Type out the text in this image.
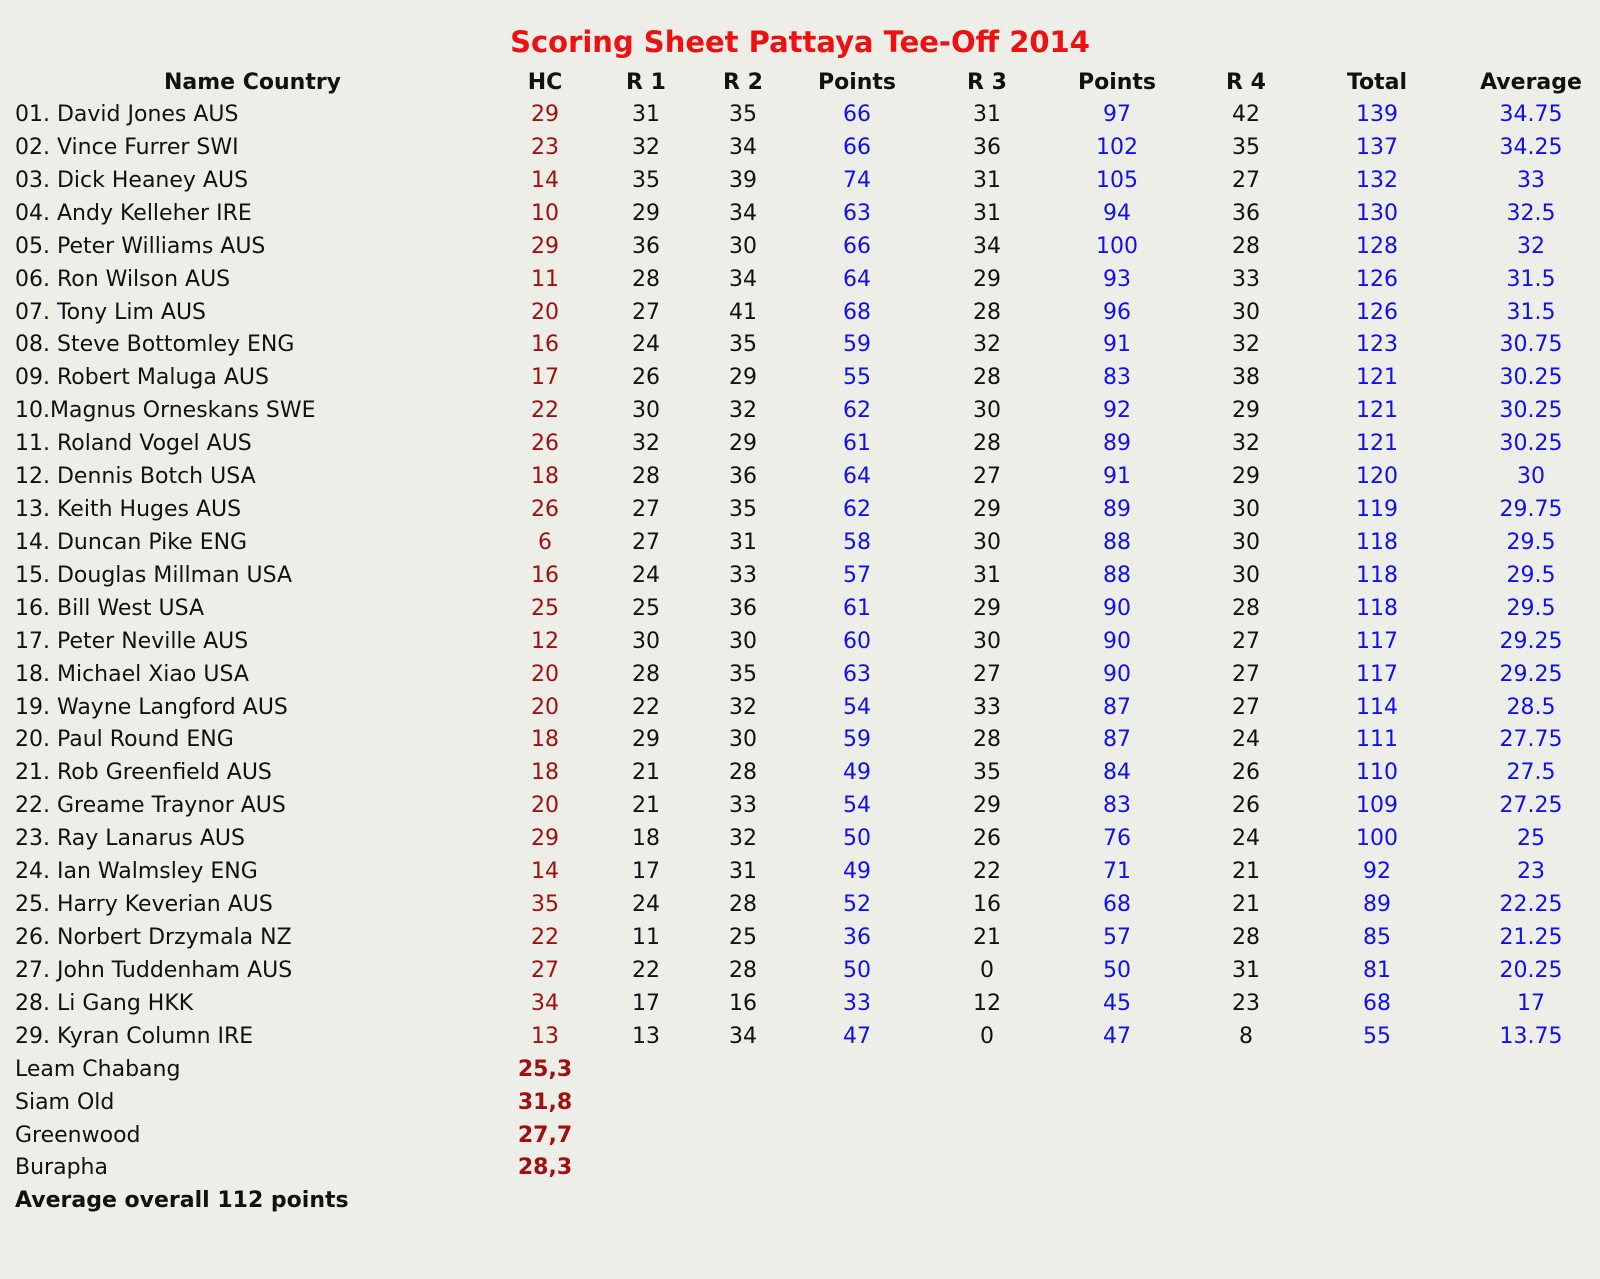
Scoring Sheet Pattaya Tee-Off 2014
Name Country	HC	R 1	R 2	Points	R 3	Points	R 4	Total	Average
01. David Jones AUS	29	31	35	66	31	97	42	139	34.75
02. Vince Furrer SWI	23	32	34	66	36	102	35	137	34.25
03. Dick Heaney AUS	14	35	39	74	31	105	27	132	33
04. Andy Kelleher IRE	10	29	34	63	31	94	36	130	32.5
05. Peter Williams AUS	29	36	30	66	34	100	28	128	32
06. Ron Wilson AUS	11	28	34	64	29	93	33	126	31.5
07. Tony Lim AUS	20	27	41	68	28	96	30	126	31.5
08. Steve Bottomley ENG	16	24	35	59	32	91	32	123	30.75
09. Robert Maluga AUS	17	26	29	55	28	83	38	121	30.25
10.Magnus Orneskans SWE	22	30	32	62	30	92	29	121	30.25
11. Roland Vogel AUS	26	32	29	61	28	89	32	121	30.25
12. Dennis Botch USA	18	28	36	64	27	91	29	120	30
13. Keith Huges AUS	26	27	35	62	29	89	30	119	29.75
14. Duncan Pike ENG	6	27	31	58	30	88	30	118	29.5
15. Douglas Millman USA	16	24	33	57	31	88	30	118	29.5
16. Bill West USA	25	25	36	61	29	90	28	118	29.5
17. Peter Neville AUS	12	30	30	60	30	90	27	117	29.25
18. Michael Xiao USA	20	28	35	63	27	90	27	117	29.25
19. Wayne Langford AUS	20	22	32	54	33	87	27	114	28.5
20. Paul Round ENG	18	29	30	59	28	87	24	111	27.75
21. Rob Greenfield AUS	18	21	28	49	35	84	26	110	27.5
22. Greame Traynor AUS	20	21	33	54	29	83	26	109	27.25
23. Ray Lanarus AUS	29	18	32	50	26	76	24	100	25
24. Ian Walmsley ENG	14	17	31	49	22	71	21	92	23
25. Harry Keverian AUS	35	24	28	52	16	68	21	89	22.25
26. Norbert Drzymala NZ	22	11	25	36	21	57	28	85	21.25
27. John Tuddenham AUS	27	22	28	50	0	50	31	81	20.25
28. Li Gang HKK	34	17	16	33	12	45	23	68	17
29. Kyran Column IRE	13	13	34	47	0	47	8	55	13.75
Leam Chabang	25,3
Siam Old	31,8
Greenwood	27,7
Burapha	28,3
Average overall 112 points
